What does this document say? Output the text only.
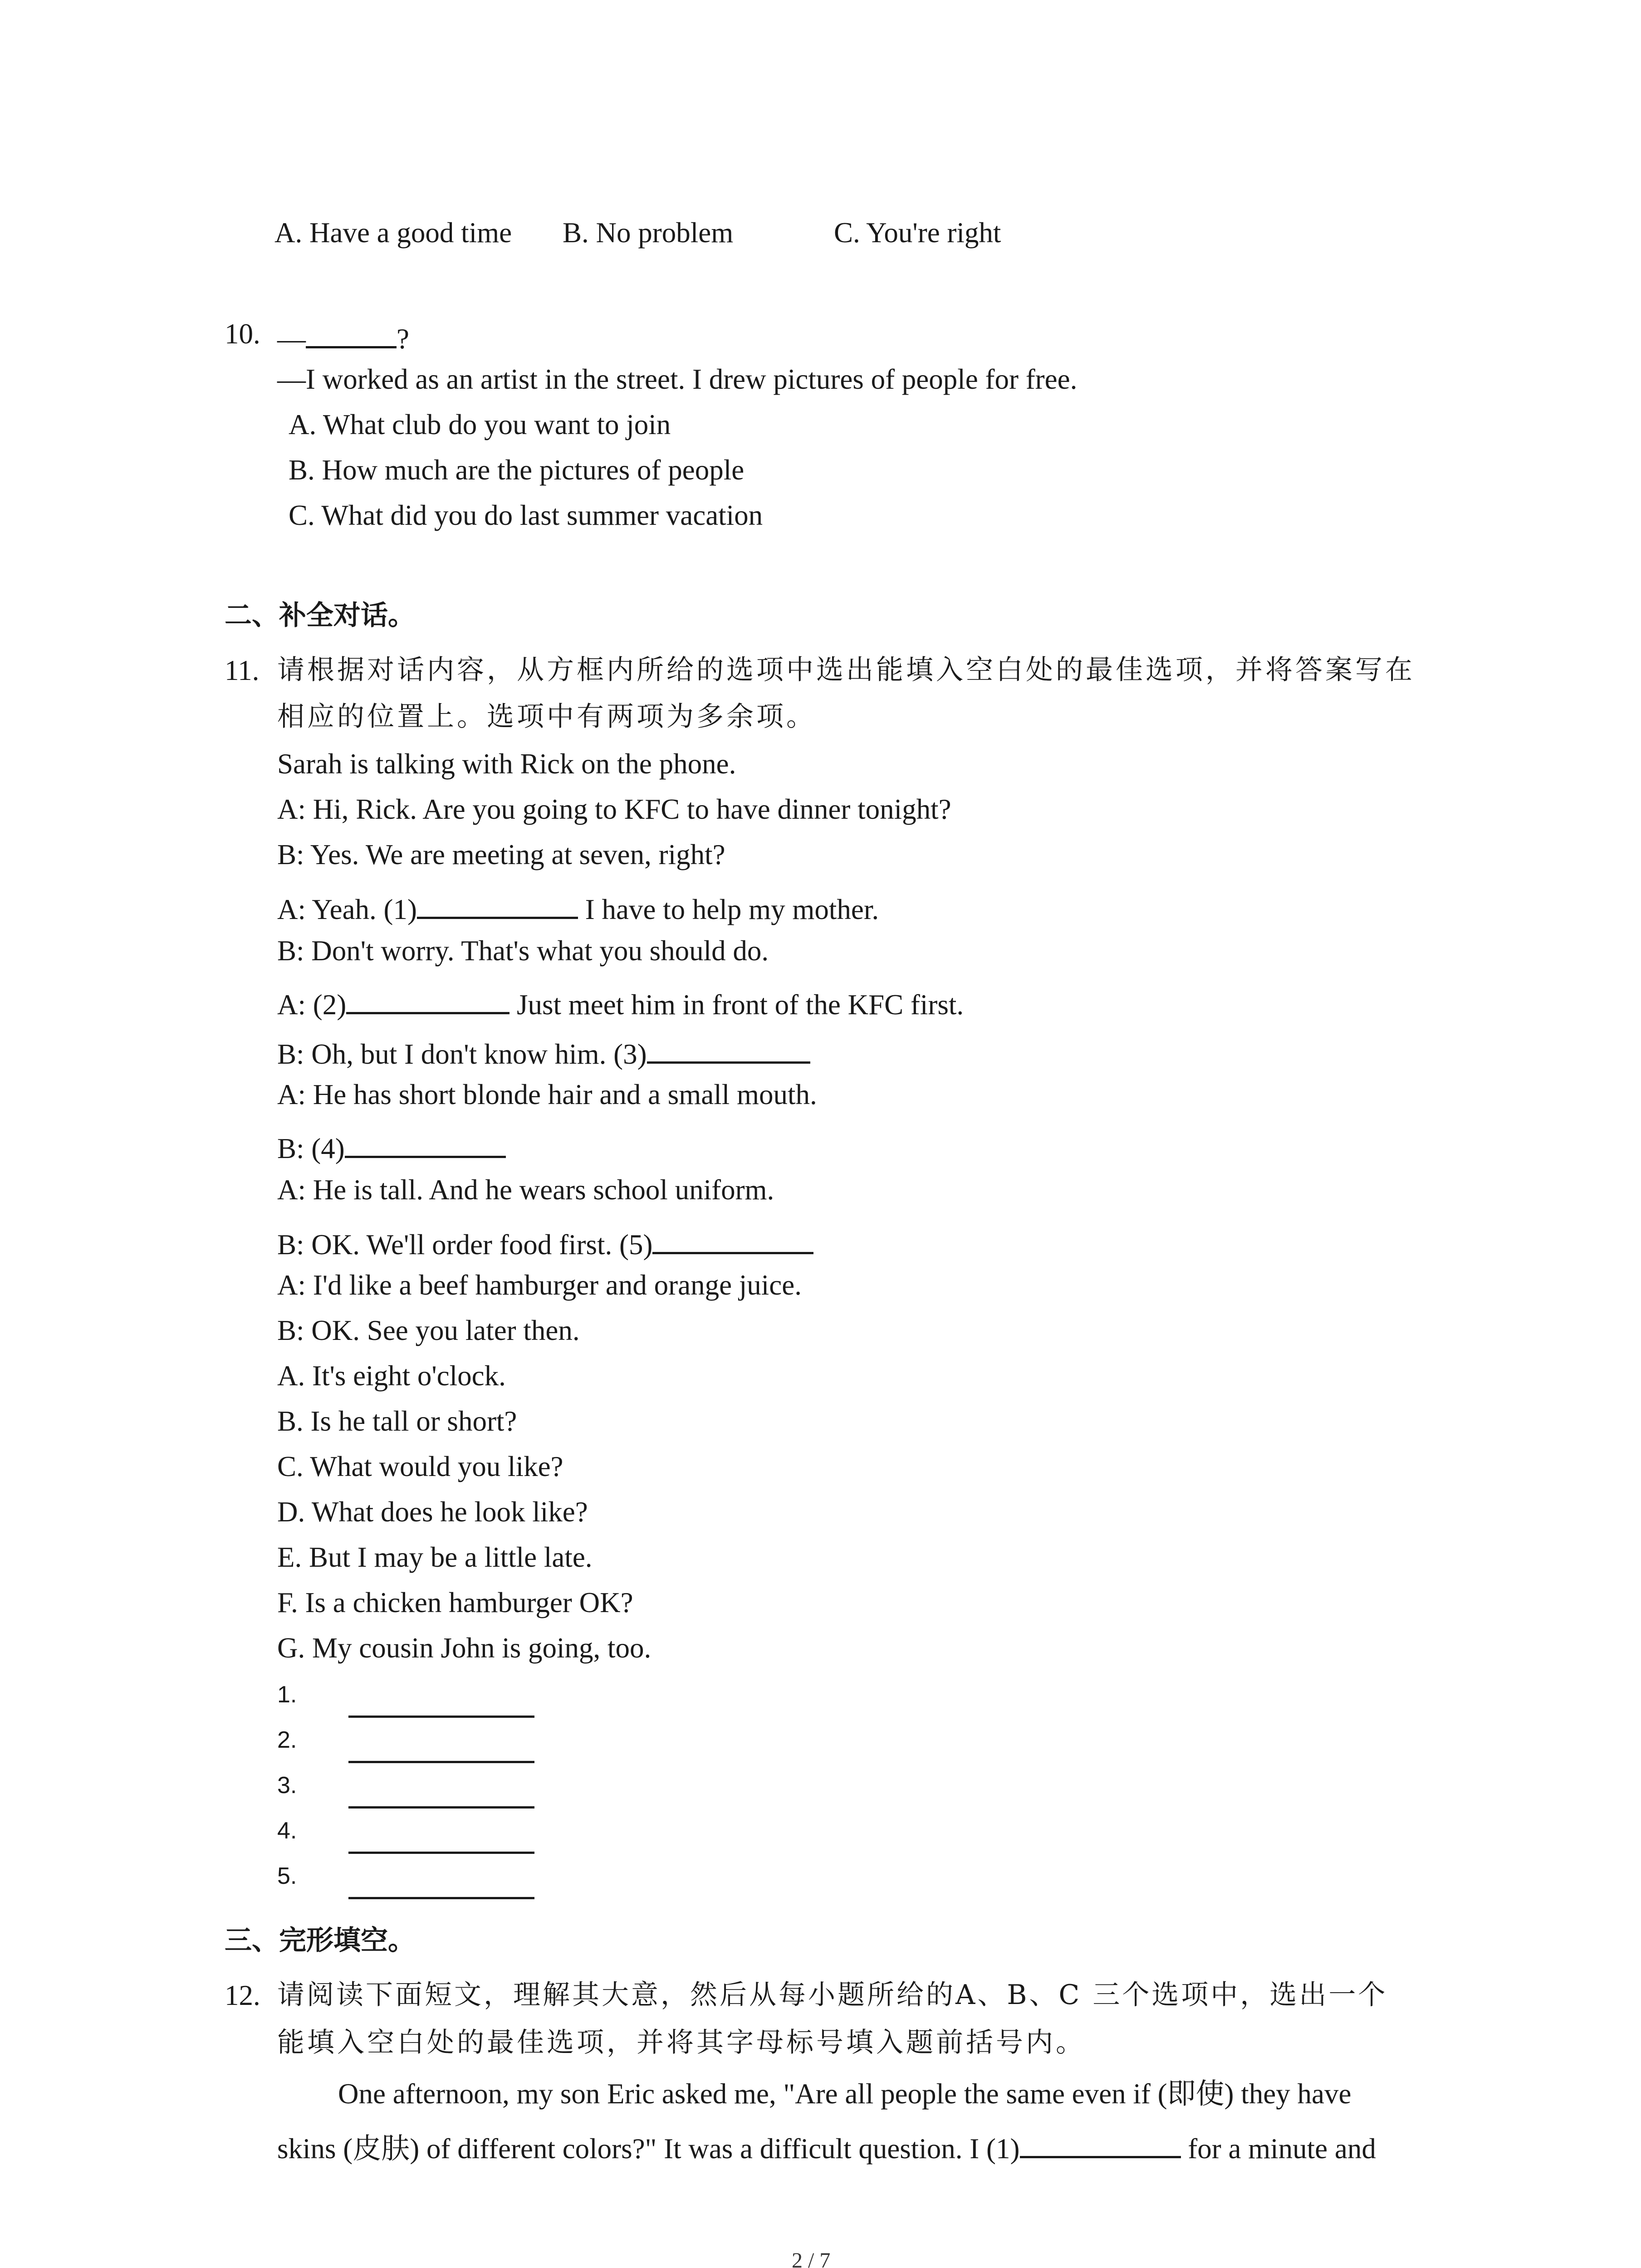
A. Have a good time B. No problem	C. You're right
10. —	?
—I worked as an artist in the street. I drew pictures of people for free.
A. What club do you want to join
B. How much are the pictures of people
C. What did you do last summer vacation
二、补全对话。
11. 请根据对话内容，从方框内所给的选项中选出能填入空白处的最佳选项，并将答案写在
相应的位置上。选项中有两项为多余项。
Sarah is talking with Rick on the phone.
A: Hi, Rick. Are you going to KFC to have dinner tonight?
B: Yes. We are meeting at seven, right?
A: Yeah. (1)	I have to help my mother.
B: Don't worry. That's what you should do.
A: (2)	Just meet him in front of the KFC first.
B: Oh, but I don't know him. (3)
A: He has short blonde hair and a small mouth.
B: (4)
A: He is tall. And he wears school uniform.
B: OK. We'll order food first. (5)
A: I'd like a beef hamburger and orange juice.
B: OK. See you later then.
A. It's eight o'clock.
B. Is he tall or short?
C. What would you like?
D. What does he look like?
E. But I may be a little late.
F. Is a chicken hamburger OK?
G. My cousin John is going, too.
1.
2.
3.
4.
5.
三、完形填空。
12. 请阅读下面短文，理解其大意，然后从每小题所给的A、B、C 三个选项中，选出一个
能填入空白处的最佳选项，并将其字母标号填入题前括号内。
One afternoon, my son Eric asked me, "Are all people the same even if (即使) they have
skins (皮肤) of different colors?" It was a difficult question. I (1)	for a minute and
2 / 7
